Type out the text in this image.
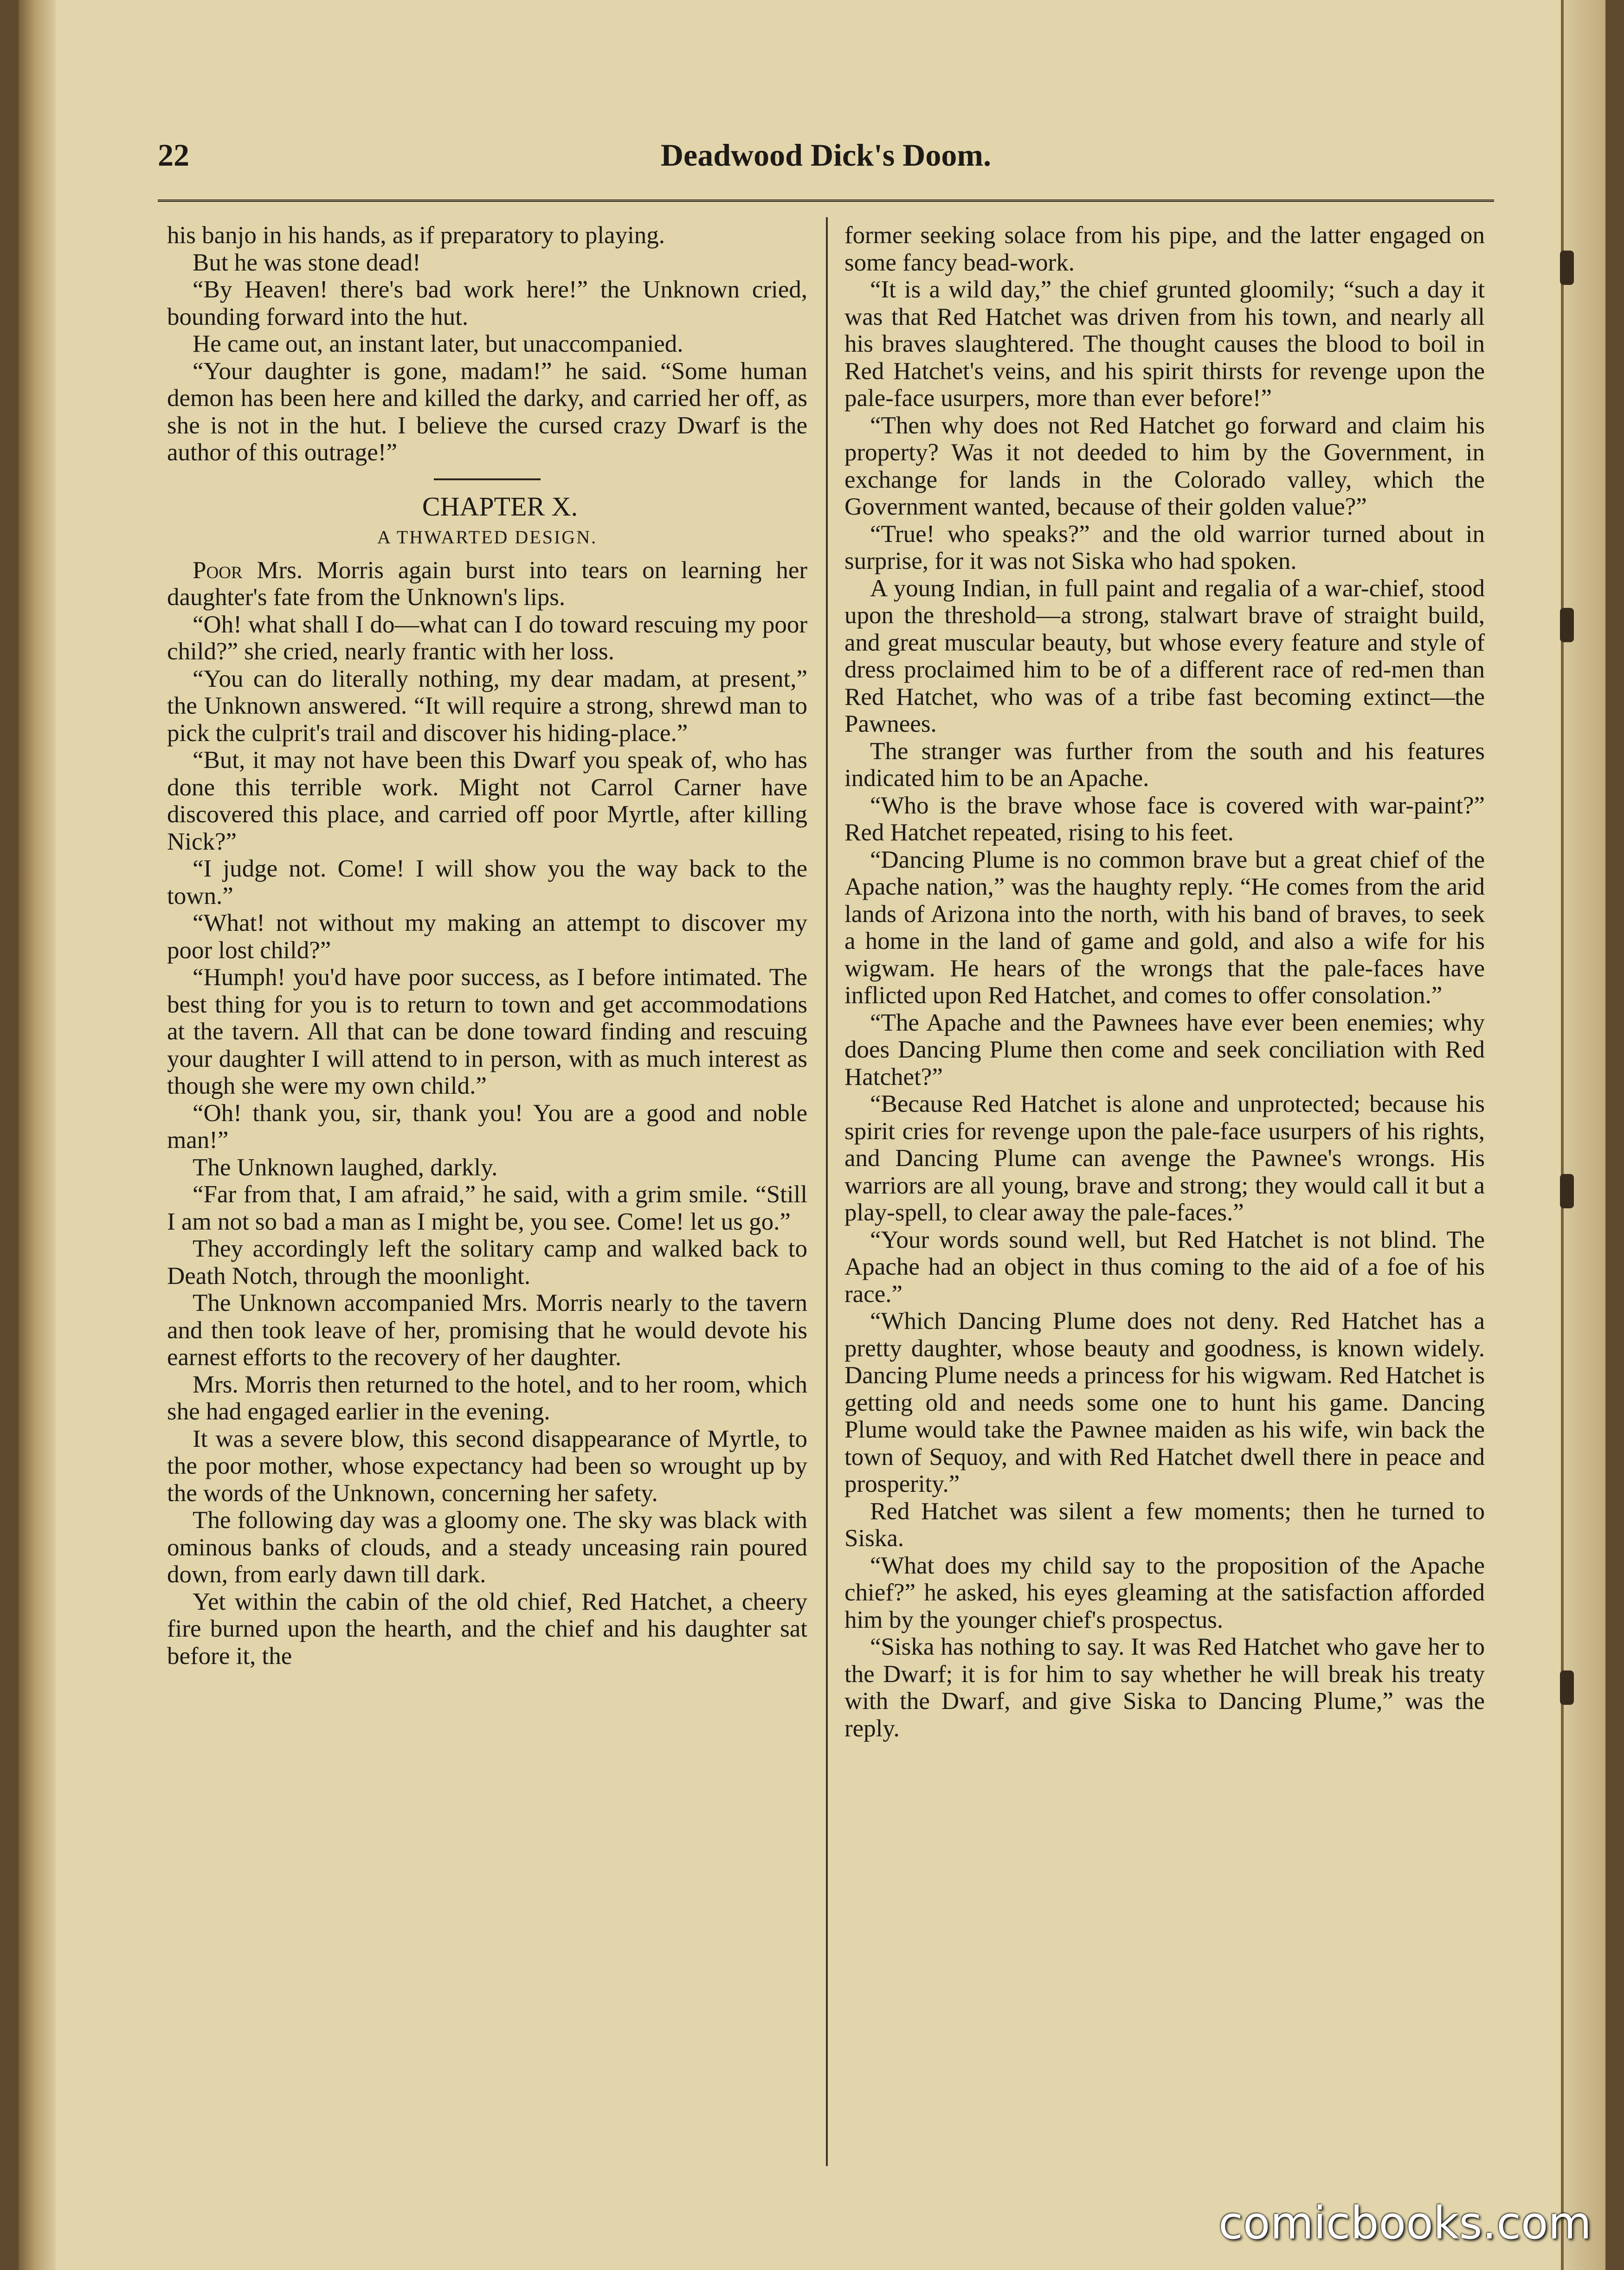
22	Deadwood Dick's Doom.

his banjo in his hands, as if preparatory to playing.

But he was stone dead!

“By Heaven! there's bad work here!” the Unknown cried, bounding forward into the hut.

He came out, an instant later, but unaccompanied.

“Your daughter is gone, madam!” he said. “Some human demon has been here and killed the darky, and carried her off, as she is not in the hut. I believe the cursed crazy Dwarf is the author of this outrage!”

CHAPTER X.

A THWARTED DESIGN.

Poor Mrs. Morris again burst into tears on learning her daughter's fate from the Unknown's lips.

“Oh! what shall I do—what can I do toward rescuing my poor child?” she cried, nearly frantic with her loss.

“You can do literally nothing, my dear madam, at present,” the Unknown answered. “It will require a strong, shrewd man to pick the culprit's trail and discover his hiding-place.”

“But, it may not have been this Dwarf you speak of, who has done this terrible work. Might not Carrol Carner have discovered this place, and carried off poor Myrtle, after killing Nick?”

“I judge not. Come! I will show you the way back to the town.”

“What! not without my making an attempt to discover my poor lost child?”

“Humph! you'd have poor success, as I before intimated. The best thing for you is to return to town and get accommodations at the tavern. All that can be done toward finding and rescuing your daughter I will attend to in person, with as much interest as though she were my own child.”

“Oh! thank you, sir, thank you! You are a good and noble man!”

The Unknown laughed, darkly.

“Far from that, I am afraid,” he said, with a grim smile. “Still I am not so bad a man as I might be, you see. Come! let us go.”

They accordingly left the solitary camp and walked back to Death Notch, through the moonlight.

The Unknown accompanied Mrs. Morris nearly to the tavern and then took leave of her, promising that he would devote his earnest efforts to the recovery of her daughter.

Mrs. Morris then returned to the hotel, and to her room, which she had engaged earlier in the evening.

It was a severe blow, this second disappearance of Myrtle, to the poor mother, whose expectancy had been so wrought up by the words of the Unknown, concerning her safety.

The following day was a gloomy one. The sky was black with ominous banks of clouds, and a steady unceasing rain poured down, from early dawn till dark.

Yet within the cabin of the old chief, Red Hatchet, a cheery fire burned upon the hearth, and the chief and his daughter sat before it, the

former seeking solace from his pipe, and the latter engaged on some fancy bead-work.

“It is a wild day,” the chief grunted gloomily; “such a day it was that Red Hatchet was driven from his town, and nearly all his braves slaughtered. The thought causes the blood to boil in Red Hatchet's veins, and his spirit thirsts for revenge upon the pale-face usurpers, more than ever before!”

“Then why does not Red Hatchet go forward and claim his property? Was it not deeded to him by the Government, in exchange for lands in the Colorado valley, which the Government wanted, because of their golden value?”

“True! who speaks?” and the old warrior turned about in surprise, for it was not Siska who had spoken.

A young Indian, in full paint and regalia of a war-chief, stood upon the threshold—a strong, stalwart brave of straight build, and great muscular beauty, but whose every feature and style of dress proclaimed him to be of a different race of red-men than Red Hatchet, who was of a tribe fast becoming extinct—the Pawnees.

The stranger was further from the south and his features indicated him to be an Apache.

“Who is the brave whose face is covered with war-paint?” Red Hatchet repeated, rising to his feet.

“Dancing Plume is no common brave but a great chief of the Apache nation,” was the haughty reply. “He comes from the arid lands of Arizona into the north, with his band of braves, to seek a home in the land of game and gold, and also a wife for his wigwam. He hears of the wrongs that the pale-faces have inflicted upon Red Hatchet, and comes to offer consolation.”

“The Apache and the Pawnees have ever been enemies; why does Dancing Plume then come and seek conciliation with Red Hatchet?”

“Because Red Hatchet is alone and unprotected; because his spirit cries for revenge upon the pale-face usurpers of his rights, and Dancing Plume can avenge the Pawnee's wrongs. His warriors are all young, brave and strong; they would call it but a play-spell, to clear away the pale-faces.”

“Your words sound well, but Red Hatchet is not blind. The Apache had an object in thus coming to the aid of a foe of his race.”

“Which Dancing Plume does not deny. Red Hatchet has a pretty daughter, whose beauty and goodness, is known widely. Dancing Plume needs a princess for his wigwam. Red Hatchet is getting old and needs some one to hunt his game. Dancing Plume would take the Pawnee maiden as his wife, win back the town of Sequoy, and with Red Hatchet dwell there in peace and prosperity.”

Red Hatchet was silent a few moments; then he turned to Siska.

“What does my child say to the proposition of the Apache chief?” he asked, his eyes gleaming at the satisfaction afforded him by the younger chief's prospectus.

“Siska has nothing to say. It was Red Hatchet who gave her to the Dwarf; it is for him to say whether he will break his treaty with the Dwarf, and give Siska to Dancing Plume,” was the reply.

comicbooks.com
